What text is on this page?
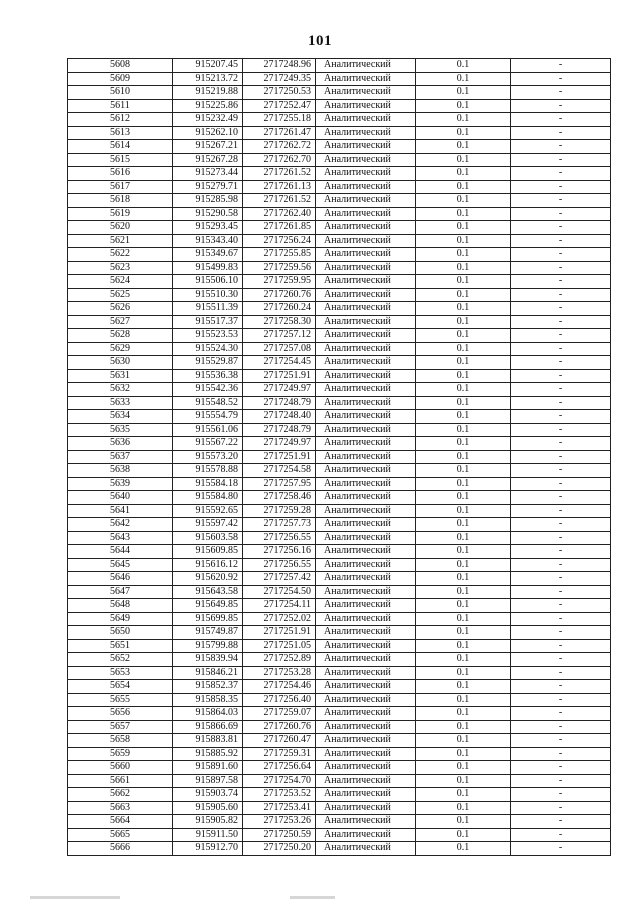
101
5608	915207.45	2717248.96	Аналитический	0.1	-
5609	915213.72	2717249.35	Аналитический	0.1	-
5610	915219.88	2717250.53	Аналитический	0.1	-
5611	915225.86	2717252.47	Аналитический	0.1	-
5612	915232.49	2717255.18	Аналитический	0.1	-
5613	915262.10	2717261.47	Аналитический	0.1	-
5614	915267.21	2717262.72	Аналитический	0.1	-
5615	915267.28	2717262.70	Аналитический	0.1	-
5616	915273.44	2717261.52	Аналитический	0.1	-
5617	915279.71	2717261.13	Аналитический	0.1	-
5618	915285.98	2717261.52	Аналитический	0.1	-
5619	915290.58	2717262.40	Аналитический	0.1	-
5620	915293.45	2717261.85	Аналитический	0.1	-
5621	915343.40	2717256.24	Аналитический	0.1	-
5622	915349.67	2717255.85	Аналитический	0.1	-
5623	915499.83	2717259.56	Аналитический	0.1	-
5624	915506.10	2717259.95	Аналитический	0.1	-
5625	915510.30	2717260.76	Аналитический	0.1	-
5626	915511.39	2717260.24	Аналитический	0.1	-
5627	915517.37	2717258.30	Аналитический	0.1	-
5628	915523.53	2717257.12	Аналитический	0.1	-
5629	915524.30	2717257.08	Аналитический	0.1	-
5630	915529.87	2717254.45	Аналитический	0.1	-
5631	915536.38	2717251.91	Аналитический	0.1	-
5632	915542.36	2717249.97	Аналитический	0.1	-
5633	915548.52	2717248.79	Аналитический	0.1	-
5634	915554.79	2717248.40	Аналитический	0.1	-
5635	915561.06	2717248.79	Аналитический	0.1	-
5636	915567.22	2717249.97	Аналитический	0.1	-
5637	915573.20	2717251.91	Аналитический	0.1	-
5638	915578.88	2717254.58	Аналитический	0.1	-
5639	915584.18	2717257.95	Аналитический	0.1	-
5640	915584.80	2717258.46	Аналитический	0.1	-
5641	915592.65	2717259.28	Аналитический	0.1	-
5642	915597.42	2717257.73	Аналитический	0.1	-
5643	915603.58	2717256.55	Аналитический	0.1	-
5644	915609.85	2717256.16	Аналитический	0.1	-
5645	915616.12	2717256.55	Аналитический	0.1	-
5646	915620.92	2717257.42	Аналитический	0.1	-
5647	915643.58	2717254.50	Аналитический	0.1	-
5648	915649.85	2717254.11	Аналитический	0.1	-
5649	915699.85	2717252.02	Аналитический	0.1	-
5650	915749.87	2717251.91	Аналитический	0.1	-
5651	915799.88	2717251.05	Аналитический	0.1	-
5652	915839.94	2717252.89	Аналитический	0.1	-
5653	915846.21	2717253.28	Аналитический	0.1	-
5654	915852.37	2717254.46	Аналитический	0.1	-
5655	915858.35	2717256.40	Аналитический	0.1	-
5656	915864.03	2717259.07	Аналитический	0.1	-
5657	915866.69	2717260.76	Аналитический	0.1	-
5658	915883.81	2717260.47	Аналитический	0.1	-
5659	915885.92	2717259.31	Аналитический	0.1	-
5660	915891.60	2717256.64	Аналитический	0.1	-
5661	915897.58	2717254.70	Аналитический	0.1	-
5662	915903.74	2717253.52	Аналитический	0.1	-
5663	915905.60	2717253.41	Аналитический	0.1	-
5664	915905.82	2717253.26	Аналитический	0.1	-
5665	915911.50	2717250.59	Аналитический	0.1	-
5666	915912.70	2717250.20	Аналитический	0.1	-
